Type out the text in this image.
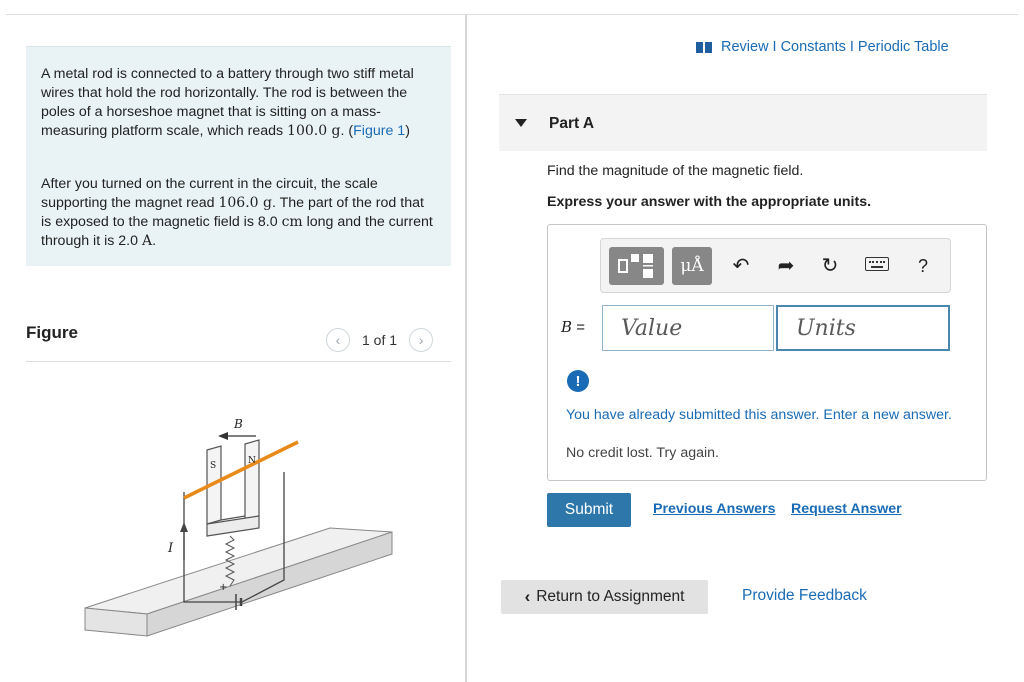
A metal rod is connected to a battery through two stiff metal wires that hold the rod horizontally. The rod is between the poles of a horseshoe magnet that is sitting on a mass-measuring platform scale, which reads 100.0 g. (Figure 1)

After you turned on the current in the circuit, the scale supporting the magnet read 106.0 g. The part of the rod that is exposed to the magnetic field is 8.0 cm long and the current through it is 2.0 A.

Figure	‹ 1 of 1 ›
B
I
S	N
+
Review I Constants I Periodic Table
Part A
Find the magnitude of the magnetic field.
Express your answer with the appropriate units.
μÅ	↶ ➦ ↻	?
B =
Value
Units
!
You have already submitted this answer. Enter a new answer.
No credit lost. Try again.
Submit	Previous Answers Request Answer
‹ Return to Assignment	Provide Feedback
